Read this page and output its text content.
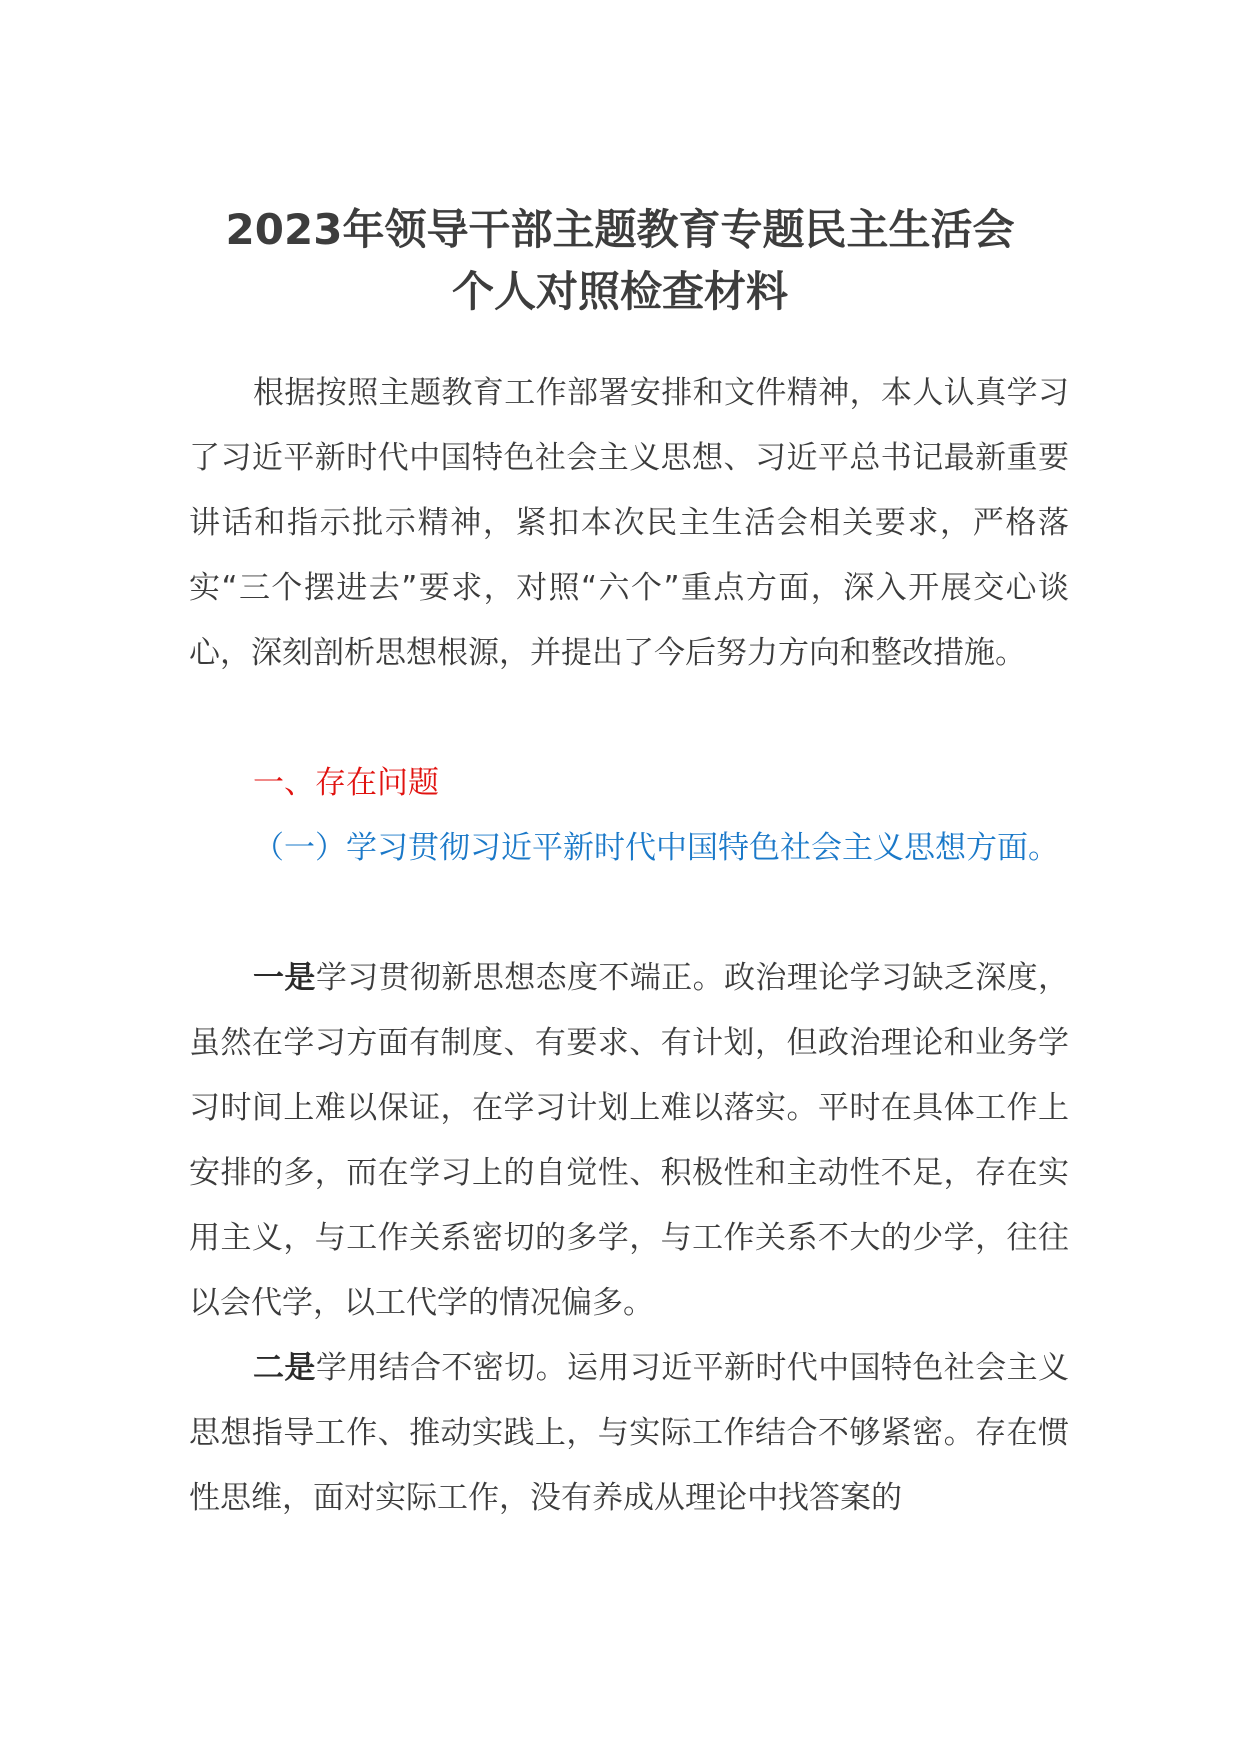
2023年领导干部主题教育专题民主生活会
个人对照检查材料
根据按照主题教育工作部署安排和文件精神，本人认真学习了习近平新时代中国特色社会主义思想、习近平总书记最新重要讲话和指示批示精神，紧扣本次民主生活会相关要求，严格落实“三个摆进去”要求，对照“六个”重点方面，深入开展交心谈心，深刻剖析思想根源，并提出了今后努力方向和整改措施。
一、存在问题
（一）学习贯彻习近平新时代中国特色社会主义思想方面。
一是学习贯彻新思想态度不端正。政治理论学习缺乏深度，虽然在学习方面有制度、有要求、有计划，但政治理论和业务学习时间上难以保证，在学习计划上难以落实。平时在具体工作上安排的多，而在学习上的自觉性、积极性和主动性不足，存在实用主义，与工作关系密切的多学，与工作关系不大的少学，往往以会代学，以工代学的情况偏多。
二是学用结合不密切。运用习近平新时代中国特色社会主义思想指导工作、推动实践上，与实际工作结合不够紧密。存在惯性思维，面对实际工作，没有养成从理论中找答案的
